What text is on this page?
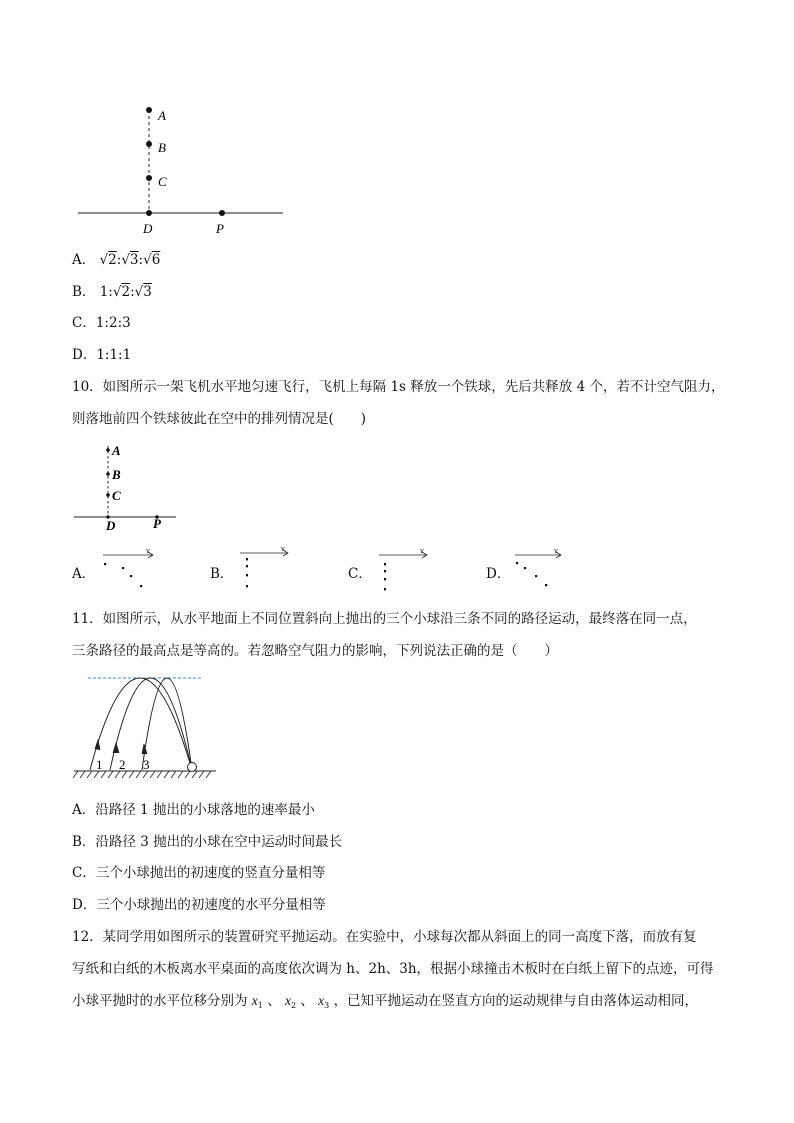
A
B
C
D	P
A． √2:√3:√6
B． 1:√2:√3
C．1:2:3
D．1:1:1
10．如图所示一架飞机水平地匀速飞行，飞机上每隔 1s 释放一个铁球，先后共释放 4 个，若不计空气阻力，
则落地前四个铁球彼此在空中的排列情况是(　　)
A
B
C
D	P
A．
v
B．
v
C．
v
D．
v
11．如图所示，从水平地面上不同位置斜向上抛出的三个小球沿三条不同的路径运动，最终落在同一点，
三条路径的最高点是等高的。若忽略空气阻力的影响，下列说法正确的是（　　）
1 2 3
A．沿路径 1 抛出的小球落地的速率最小
B．沿路径 3 抛出的小球在空中运动时间最长
C．三个小球抛出的初速度的竖直分量相等
D．三个小球抛出的初速度的水平分量相等
12．某同学用如图所示的装置研究平抛运动。在实验中，小球每次都从斜面上的同一高度下落，而放有复
写纸和白纸的木板离水平桌面的高度依次调为 h、2h、3h，根据小球撞击木板时在白纸上留下的点迹，可得
小球平抛时的水平位移分别为 $x_1$ 、 $x_2$ 、 $x_3$ ，已知平抛运动在竖直方向的运动规律与自由落体运动相同，
